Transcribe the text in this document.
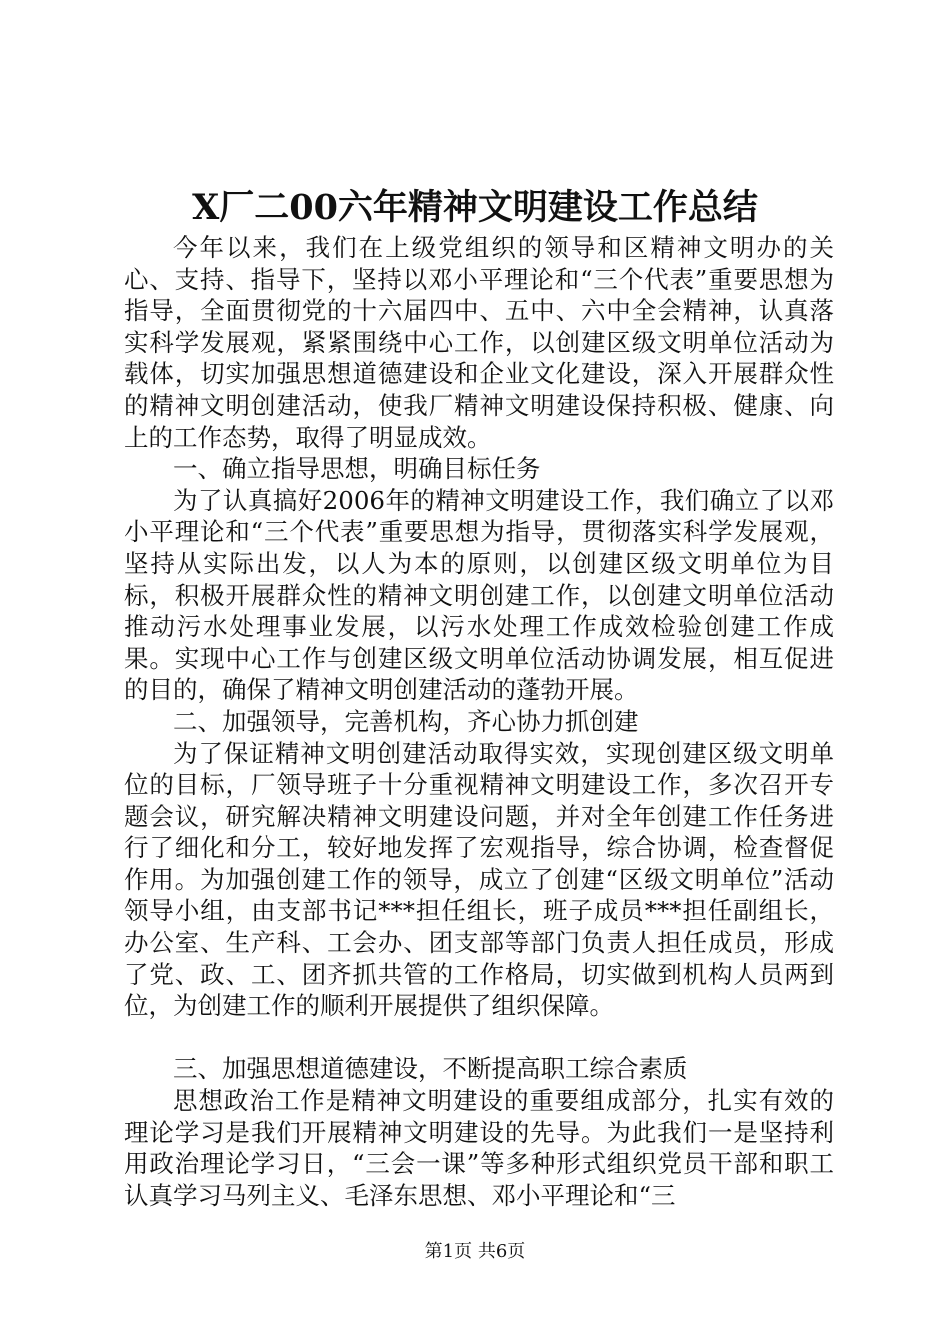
X厂二00六年精神文明建设工作总结

今年以来，我们在上级党组织的领导和区精神文明办的关心、支持、指导下，坚持以邓小平理论和“三个代表”重要思想为指导，全面贯彻党的十六届四中、五中、六中全会精神，认真落实科学发展观，紧紧围绕中心工作，以创建区级文明单位活动为载体，切实加强思想道德建设和企业文化建设，深入开展群众性的精神文明创建活动，使我厂精神文明建设保持积极、健康、向上的工作态势，取得了明显成效。

一、确立指导思想，明确目标任务

为了认真搞好2006年的精神文明建设工作，我们确立了以邓小平理论和“三个代表”重要思想为指导，贯彻落实科学发展观，坚持从实际出发，以人为本的原则，以创建区级文明单位为目标，积极开展群众性的精神文明创建工作，以创建文明单位活动推动污水处理事业发展，以污水处理工作成效检验创建工作成果。实现中心工作与创建区级文明单位活动协调发展，相互促进的目的，确保了精神文明创建活动的蓬勃开展。

二、加强领导，完善机构，齐心协力抓创建

为了保证精神文明创建活动取得实效，实现创建区级文明单位的目标，厂领导班子十分重视精神文明建设工作，多次召开专题会议，研究解决精神文明建设问题，并对全年创建工作任务进行了细化和分工，较好地发挥了宏观指导，综合协调，检查督促作用。为加强创建工作的领导，成立了创建“区级文明单位”活动领导小组，由支部书记***担任组长，班子成员***担任副组长，办公室、生产科、工会办、团支部等部门负责人担任成员，形成了党、政、工、团齐抓共管的工作格局，切实做到机构人员两到位，为创建工作的顺利开展提供了组织保障。

三、加强思想道德建设，不断提高职工综合素质

思想政治工作是精神文明建设的重要组成部分，扎实有效的理论学习是我们开展精神文明建设的先导。为此我们一是坚持利用政治理论学习日，“三会一课”等多种形式组织党员干部和职工认真学习马列主义、毛泽东思想、邓小平理论和“三

第1页 共6页
